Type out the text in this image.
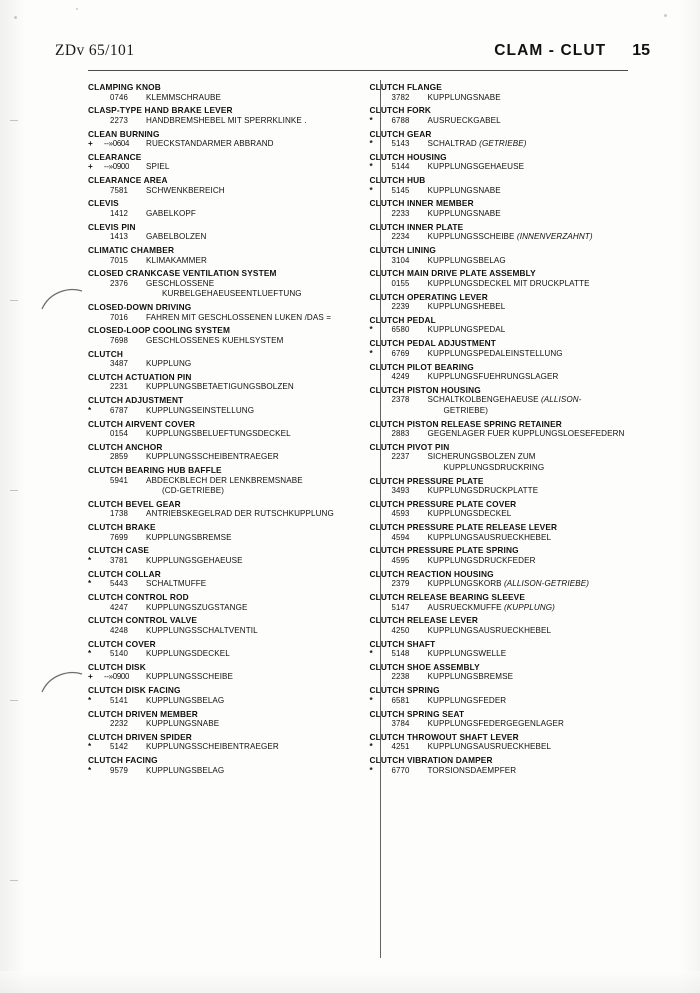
ZDv 65/101	CLAM - CLUT 15
CLAMPING KNOB
0746	KLEMMSCHRAUBE
CLASP-TYPE HAND BRAKE LEVER
2273	HANDBREMSHEBEL MIT SPERRKLINKE .
CLEAN BURNING
+	--»0604	RUECKSTANDARMER ABBRAND
CLEARANCE
+	--»0900	SPIEL
CLEARANCE AREA
7581	SCHWENKBEREICH
CLEVIS
1412	GABELKOPF
CLEVIS PIN
1413	GABELBOLZEN
CLIMATIC CHAMBER
7015	KLIMAKAMMER
CLOSED CRANKCASE VENTILATION SYSTEM
2376	GESCHLOSSENE
KURBELGEHAEUSEENTLUEFTUNG
CLOSED-DOWN DRIVING
7016	FAHREN MIT GESCHLOSSENEN LUKEN /DAS =
CLOSED-LOOP COOLING SYSTEM
7698	GESCHLOSSENES KUEHLSYSTEM
CLUTCH
3487	KUPPLUNG
CLUTCH ACTUATION PIN
2231	KUPPLUNGSBETAETIGUNGSBOLZEN
CLUTCH ADJUSTMENT
*	6787	KUPPLUNGSEINSTELLUNG
CLUTCH AIRVENT COVER
0154	KUPPLUNGSBELUEFTUNGSDECKEL
CLUTCH ANCHOR
2859	KUPPLUNGSSCHEIBENTRAEGER
CLUTCH BEARING HUB BAFFLE
5941	ABDECKBLECH DER LENKBREMSNABE
(CD-GETRIEBE)
CLUTCH BEVEL GEAR
1738	ANTRIEBSKEGELRAD DER RUTSCHKUPPLUNG
CLUTCH BRAKE
7699	KUPPLUNGSBREMSE
CLUTCH CASE
*	3781	KUPPLUNGSGEHAEUSE
CLUTCH COLLAR
*	5443	SCHALTMUFFE
CLUTCH CONTROL ROD
4247	KUPPLUNGSZUGSTANGE
CLUTCH CONTROL VALVE
4248	KUPPLUNGSSCHALTVENTIL
CLUTCH COVER
*	5140	KUPPLUNGSDECKEL
CLUTCH DISK
+	--»0900	KUPPLUNGSSCHEIBE
CLUTCH DISK FACING
*	5141	KUPPLUNGSBELAG
CLUTCH DRIVEN MEMBER
2232	KUPPLUNGSNABE
CLUTCH DRIVEN SPIDER
*	5142	KUPPLUNGSSCHEIBENTRAEGER
CLUTCH FACING
*	9579	KUPPLUNGSBELAG
CLUTCH FLANGE
3782	KUPPLUNGSNABE
CLUTCH FORK
*	6788	AUSRUECKGABEL
CLUTCH GEAR
*	5143	SCHALTRAD (GETRIEBE)
CLUTCH HOUSING
*	5144	KUPPLUNGSGEHAEUSE
CLUTCH HUB
*	5145	KUPPLUNGSNABE
CLUTCH INNER MEMBER
2233	KUPPLUNGSNABE
CLUTCH INNER PLATE
2234	KUPPLUNGSSCHEIBE (INNENVERZAHNT)
CLUTCH LINING
3104	KUPPLUNGSBELAG
CLUTCH MAIN DRIVE PLATE ASSEMBLY
0155	KUPPLUNGSDECKEL MIT DRUCKPLATTE
CLUTCH OPERATING LEVER
2239	KUPPLUNGSHEBEL
CLUTCH PEDAL
*	6580	KUPPLUNGSPEDAL
CLUTCH PEDAL ADJUSTMENT
*	6769	KUPPLUNGSPEDALEINSTELLUNG
CLUTCH PILOT BEARING
4249	KUPPLUNGSFUEHRUNGSLAGER
CLUTCH PISTON HOUSING
2378	SCHALTKOLBENGEHAEUSE (ALLISON-
GETRIEBE)
CLUTCH PISTON RELEASE SPRING RETAINER
2883	GEGENLAGER FUER KUPPLUNGSLOESEFEDERN
CLUTCH PIVOT PIN
2237	SICHERUNGSBOLZEN ZUM
KUPPLUNGSDRUCKRING
CLUTCH PRESSURE PLATE
3493	KUPPLUNGSDRUCKPLATTE
CLUTCH PRESSURE PLATE COVER
4593	KUPPLUNGSDECKEL
CLUTCH PRESSURE PLATE RELEASE LEVER
4594	KUPPLUNGSAUSRUECKHEBEL
CLUTCH PRESSURE PLATE SPRING
4595	KUPPLUNGSDRUCKFEDER
CLUTCH REACTION HOUSING
2379	KUPPLUNGSKORB (ALLISON-GETRIEBE)
CLUTCH RELEASE BEARING SLEEVE
5147	AUSRUECKMUFFE (KUPPLUNG)
CLUTCH RELEASE LEVER
4250	KUPPLUNGSAUSRUECKHEBEL
CLUTCH SHAFT
*	5148	KUPPLUNGSWELLE
CLUTCH SHOE ASSEMBLY
2238	KUPPLUNGSBREMSE
CLUTCH SPRING
*	6581	KUPPLUNGSFEDER
CLUTCH SPRING SEAT
3784	KUPPLUNGSFEDERGEGENLAGER
CLUTCH THROWOUT SHAFT LEVER
*	4251	KUPPLUNGSAUSRUECKHEBEL
CLUTCH VIBRATION DAMPER
*	6770	TORSIONSDAEMPFER
